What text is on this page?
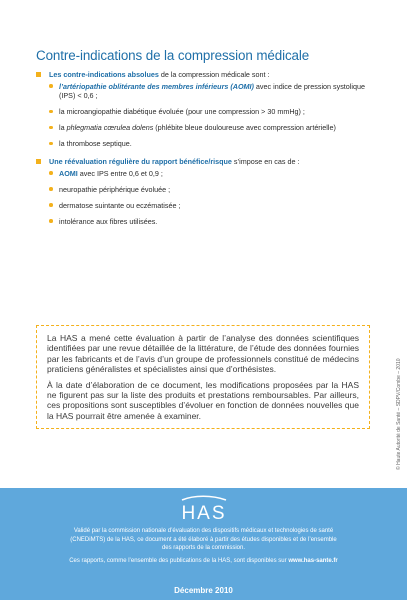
Contre-indications de la compression médicale
Les contre-indications absolues de la compression médicale sont :
l’artériopathie oblitérante des membres inférieurs (AOMI) avec indice de pression systolique (IPS) < 0,6 ;
la microangiopathie diabétique évoluée (pour une compression > 30 mmHg) ;
la phlegmatia cœrulea dolens (phlébite bleue douloureuse avec compression artérielle)
la thrombose septique.
Une réévaluation régulière du rapport bénéfice/risque s’impose en cas de :
AOMI avec IPS entre 0,6 et 0,9 ;
neuropathie périphérique évoluée ;
dermatose suintante ou eczématisée ;
intolérance aux fibres utilisées.

La HAS a mené cette évaluation à partir de l’analyse des données scientifiques identifiées par une revue détaillée de la littérature, de l’étude des données fournies par les fabricants et de l’avis d’un groupe de professionnels constitué de médecins praticiens généralistes et spécialistes ainsi que d’orthésistes.

À la date d’élaboration de ce document, les modifications proposées par la HAS ne figurent pas sur la liste des produits et prestations remboursables. Par ailleurs, ces propositions sont susceptibles d’évoluer en fonction de données nouvelles que la HAS pourrait être amenée à examiner.	© Haute Autorité de Santé – SDPV/Combe – 2010
HAS

Validé par la commission nationale d’évaluation des dispositifs médicaux et technologies de santé (CNEDiMTS) de la HAS, ce document a été élaboré à partir des études disponibles et de l’ensemble des rapports de la commission.

Ces rapports, comme l’ensemble des publications de la HAS, sont disponibles sur www.has-sante.fr

Décembre 2010
